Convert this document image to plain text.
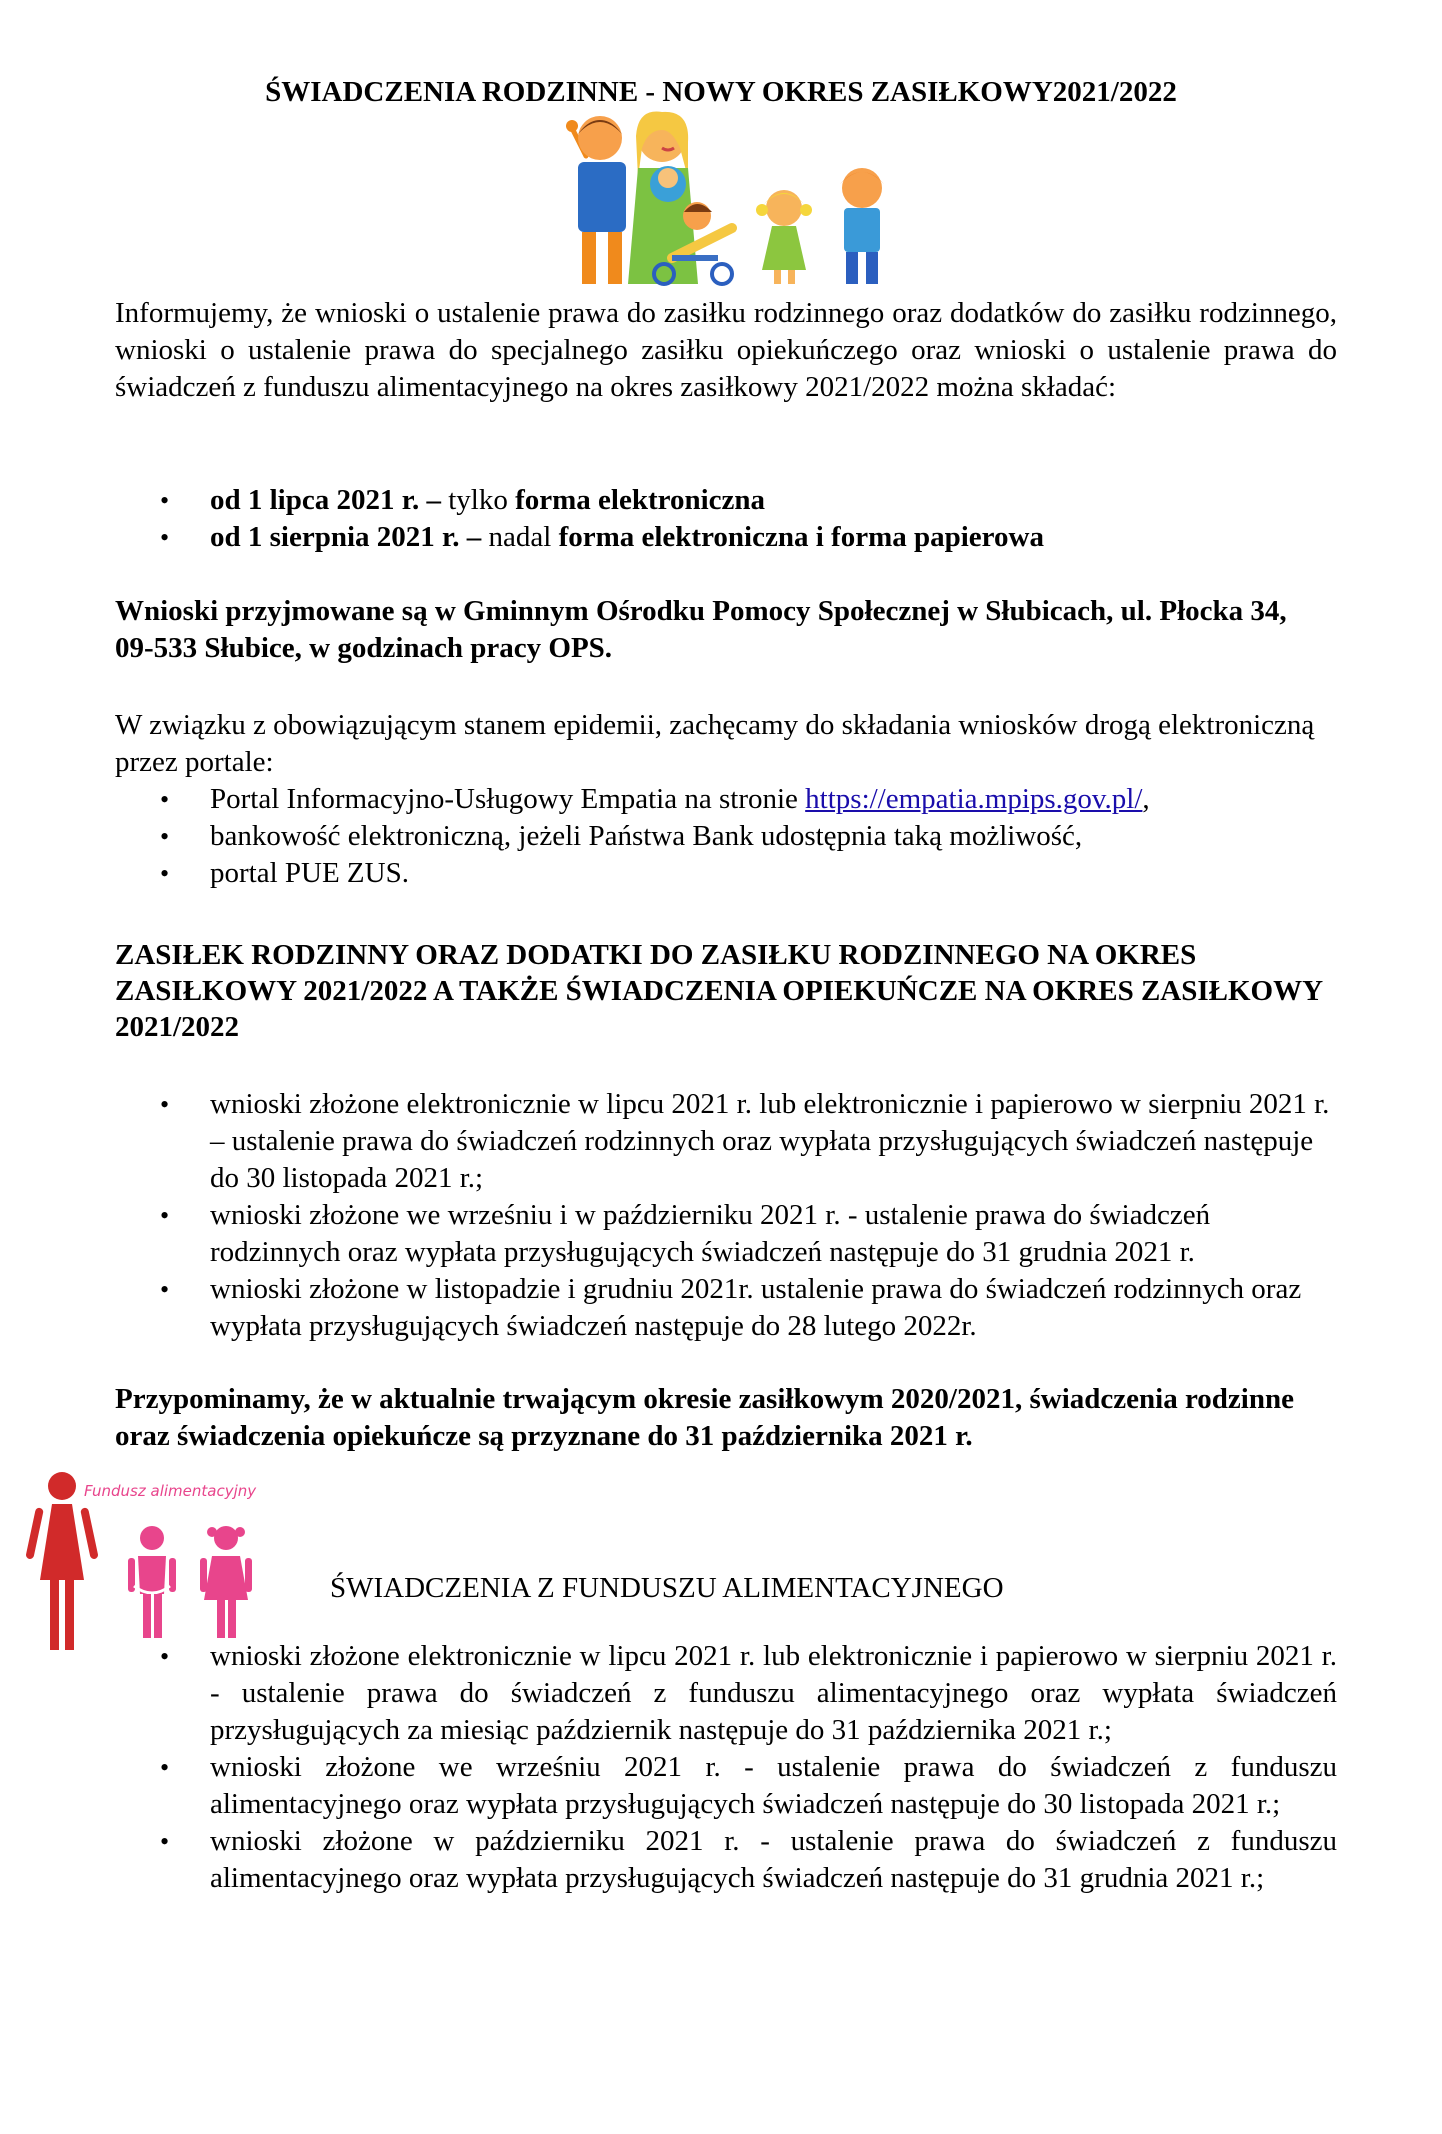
ŚWIADCZENIA RODZINNE - NOWY OKRES ZASIŁKOWY2021/2022
Informujemy, że wnioski o ustalenie prawa do zasiłku rodzinnego oraz dodatków do zasiłku rodzinnego, wnioski o ustalenie prawa do specjalnego zasiłku opiekuńczego oraz wnioski o ustalenie prawa do świadczeń z funduszu alimentacyjnego na okres zasiłkowy 2021/2022 można składać:
• od 1 lipca 2021 r. – tylko forma elektroniczna
• od 1 sierpnia 2021 r. – nadal forma elektroniczna i forma papierowa
Wnioski przyjmowane są w Gminnym Ośrodku Pomocy Społecznej w Słubicach, ul. Płocka 34, 09-533 Słubice, w godzinach pracy OPS.
W związku z obowiązującym stanem epidemii, zachęcamy do składania wniosków drogą elektroniczną przez portale:
• Portal Informacyjno-Usługowy Empatia na stronie https://empatia.mpips.gov.pl/,
• bankowość elektroniczną, jeżeli Państwa Bank udostępnia taką możliwość,
• portal PUE ZUS.
ZASIŁEK RODZINNY ORAZ DODATKI DO ZASIŁKU RODZINNEGO NA OKRES ZASIŁKOWY 2021/2022 A TAKŻE ŚWIADCZENIA OPIEKUŃCZE NA OKRES ZASIŁKOWY 2021/2022
• wnioski złożone elektronicznie w lipcu 2021 r. lub elektronicznie i papierowo w sierpniu 2021 r. – ustalenie prawa do świadczeń rodzinnych oraz wypłata przysługujących świadczeń następuje do 30 listopada 2021 r.;
• wnioski złożone we wrześniu i w październiku 2021 r. - ustalenie prawa do świadczeń rodzinnych oraz wypłata przysługujących świadczeń następuje do 31 grudnia 2021 r.
• wnioski złożone w listopadzie i grudniu 2021r. ustalenie prawa do świadczeń rodzinnych oraz wypłata przysługujących świadczeń następuje do 28 lutego 2022r.
Przypominamy, że w aktualnie trwającym okresie zasiłkowym 2020/2021, świadczenia rodzinne oraz świadczenia opiekuńcze są przyznane do 31 października 2021 r.
Fundusz alimentacyjny
ŚWIADCZENIA Z FUNDUSZU ALIMENTACYJNEGO
• wnioski złożone elektronicznie w lipcu 2021 r. lub elektronicznie i papierowo w sierpniu 2021 r. - ustalenie prawa do świadczeń z funduszu alimentacyjnego oraz wypłata świadczeń przysługujących za miesiąc październik następuje do 31 października 2021 r.;
• wnioski złożone we wrześniu 2021 r. - ustalenie prawa do świadczeń z funduszu alimentacyjnego oraz wypłata przysługujących świadczeń następuje do 30 listopada 2021 r.;
• wnioski złożone w październiku 2021 r. - ustalenie prawa do świadczeń z funduszu alimentacyjnego oraz wypłata przysługujących świadczeń następuje do 31 grudnia 2021 r.;
